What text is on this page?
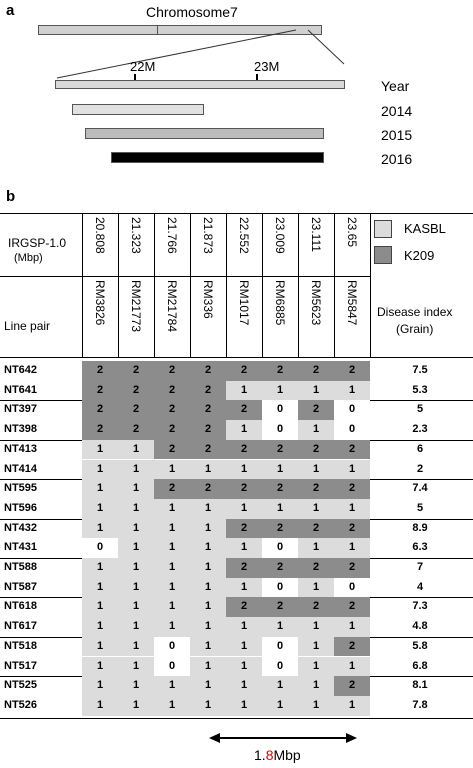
a	Chromosome7
22M	23M
Year
2014
2015
2016
b
IRGSP-1.0
(Mbp)
Line pair
20.808
RM3826
21.323
RM21773
21.766
RM21784
21.873
RM336
22.552
RM1017
23.009
RM6885
23.111
RM5623
23.65
RM5847
KASBL
K209
Disease index
(Grain)
NT642	2	2	2	2	2	2	2	2	7.5
NT641	2	2	2	2	1	1	1	1	5.3
NT397	2	2	2	2	2	0	2	0	5
NT398	2	2	2	2	1	0	1	0	2.3
NT413	1	1	2	2	2	2	2	2	6
NT414	1	1	1	1	1	1	1	1	2
NT595	1	1	2	2	2	2	2	2	7.4
NT596	1	1	1	1	1	1	1	1	5
NT432	1	1	1	1	2	2	2	2	8.9
NT431	0	1	1	1	1	0	1	1	6.3
NT588	1	1	1	1	2	2	2	2	7
NT587	1	1	1	1	1	0	1	0	4
NT618	1	1	1	1	2	2	2	2	7.3
NT617	1	1	1	1	1	1	1	1	4.8
NT518	1	1	0	1	1	0	1	2	5.8
NT517	1	1	0	1	1	0	1	1	6.8
NT525	1	1	1	1	1	1	1	2	8.1
NT526	1	1	1	1	1	1	1	1	7.8
1.8Mbp
